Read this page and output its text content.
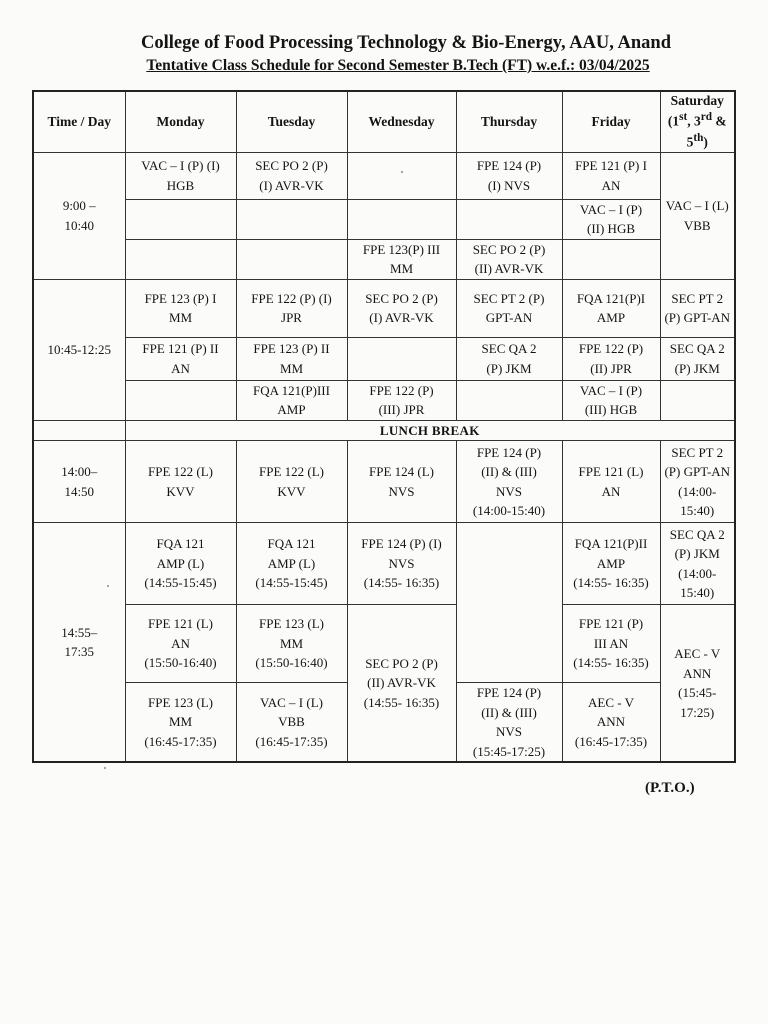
College of Food Processing Technology & Bio-Energy, AAU, Anand
Tentative Class Schedule for Second Semester B.Tech (FT) w.e.f.: 03/04/2025
Time / Day	Monday	Tuesday	Wednesday	Thursday	Friday	Saturday
(1st, 3rd &
5th)

9:00 –
10:40	VAC – I (P) (I)
HGB	SEC PO 2 (P)
(I) AVR-VK		FPE 124 (P)
(I) NVS	FPE 121 (P) I
AN	VAC – I (L)
VBB

					VAC – I (P)
(II) HGB	

			FPE 123(P) III
MM	SEC PO 2 (P)
(II) AVR-VK		

10:45-12:25	FPE 123 (P) I
MM	FPE 122 (P) (I)
JPR	SEC PO 2 (P)
(I) AVR-VK	SEC PT 2 (P)
GPT-AN	FQA 121(P)I
AMP	SEC PT 2
(P) GPT-AN

	FPE 121 (P) II
AN	FPE 123 (P) II
MM		SEC QA 2
(P) JKM	FPE 122 (P)
(II) JPR	SEC QA 2
(P) JKM

		FQA 121(P)III
AMP	FPE 122 (P)
(III) JPR		VAC – I (P)
(III) HGB	

	LUNCH BREAK					

14:00–
14:50	FPE 122 (L)
KVV	FPE 122 (L)
KVV	FPE 124 (L)
NVS	FPE 124 (P)
(II) & (III)
NVS
(14:00-15:40)	FPE 121 (L)
AN	SEC PT 2
(P) GPT-AN
(14:00-
15:40)

14:55–
17:35	FQA 121
AMP (L)
(14:55-15:45)	FQA 121
AMP (L)
(14:55-15:45)	FPE 124 (P) (I)
NVS
(14:55- 16:35)		FQA 121(P)II
AMP
(14:55- 16:35)	SEC QA 2
(P) JKM
(14:00-
15:40)

	FPE 121 (L)
AN
(15:50-16:40)	FPE 123 (L)
MM
(15:50-16:40)	SEC PO 2 (P)
(II) AVR-VK
(14:55- 16:35)		FPE 121 (P)
III AN
(14:55- 16:35)	AEC - V
ANN
(15:45-
17:25)

	FPE 123 (L)
MM
(16:45-17:35)	VAC – I (L)
VBB
(16:45-17:35)		FPE 124 (P)
(II) & (III)
NVS
(15:45-17:25)	AEC - V
ANN
(16:45-17:35)	
(P.T.O.)
